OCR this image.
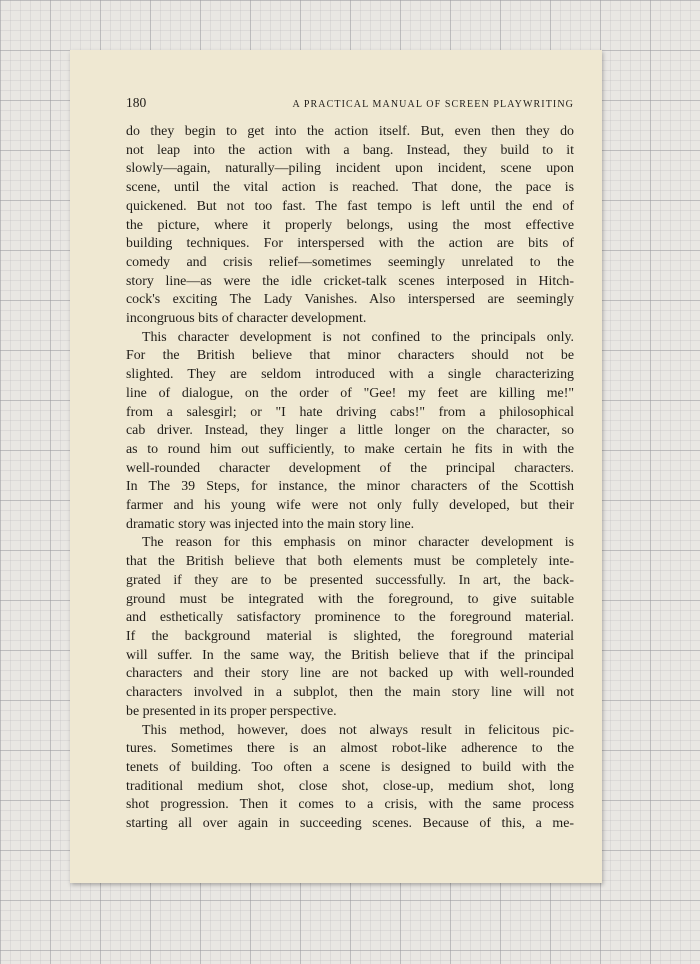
180	A PRACTICAL MANUAL OF SCREEN PLAYWRITING

do they begin to get into the action itself. But, even then they do
not leap into the action with a bang. Instead, they build to it
slowly—again, naturally—piling incident upon incident, scene upon
scene, until the vital action is reached. That done, the pace is
quickened. But not too fast. The fast tempo is left until the end of
the picture, where it properly belongs, using the most effective
building techniques. For interspersed with the action are bits of
comedy and crisis relief—sometimes seemingly unrelated to the
story line—as were the idle cricket-talk scenes interposed in Hitch-
cock's exciting The Lady Vanishes. Also interspersed are seemingly
incongruous bits of character development.

This character development is not confined to the principals only.
For the British believe that minor characters should not be
slighted. They are seldom introduced with a single characterizing
line of dialogue, on the order of "Gee! my feet are killing me!"
from a salesgirl; or "I hate driving cabs!" from a philosophical
cab driver. Instead, they linger a little longer on the character, so
as to round him out sufficiently, to make certain he fits in with the
well-rounded character development of the principal characters.
In The 39 Steps, for instance, the minor characters of the Scottish
farmer and his young wife were not only fully developed, but their
dramatic story was injected into the main story line.

The reason for this emphasis on minor character development is
that the British believe that both elements must be completely inte-
grated if they are to be presented successfully. In art, the back-
ground must be integrated with the foreground, to give suitable
and esthetically satisfactory prominence to the foreground material.
If the background material is slighted, the foreground material
will suffer. In the same way, the British believe that if the principal
characters and their story line are not backed up with well-rounded
characters involved in a subplot, then the main story line will not
be presented in its proper perspective.

This method, however, does not always result in felicitous pic-
tures. Sometimes there is an almost robot-like adherence to the
tenets of building. Too often a scene is designed to build with the
traditional medium shot, close shot, close-up, medium shot, long
shot progression. Then it comes to a crisis, with the same process
starting all over again in succeeding scenes. Because of this, a me-
